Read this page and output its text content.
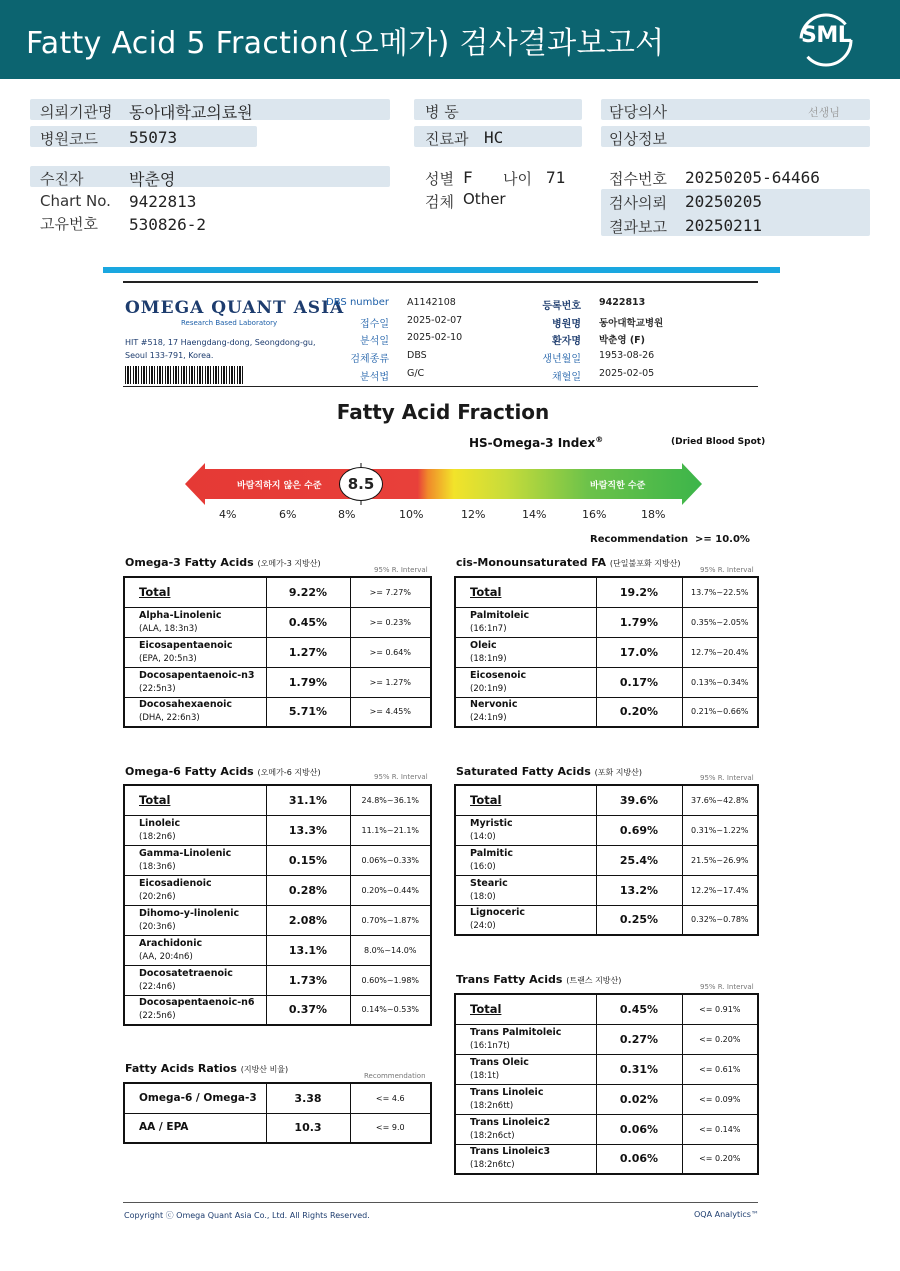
Fatty Acid 5 Fraction(오메가) 검사결과보고서	SML
의뢰기관명 동아대학교의료원
병원코드 55073
수진자	박춘영
Chart No. 9422813
고유번호 530826-2
병 동
진료과 HC
성별 F 나이 71
검체 Other
담당의사	선생님
임상정보
접수번호 20250205-64466
검사의뢰 20250205
결과보고 20250211
OMEGA QUANT ASIA
Research Based Laboratory
HIT #518, 17 Haengdang-dong, Seongdong-gu, Seoul 133-791, Korea.
DBS number A1142108
접수일 2025-02-07
분석일 2025-02-10
검체종류 DBS
분석법 G/C
등록번호 9422813
병원명 동아대학교병원
환자명 박춘영 (F)
생년월일 1953-08-26
채혈일 2025-02-05
Fatty Acid Fraction
HS-Omega-3 Index®	(Dried Blood Spot)
바람직하지 않은 수준	바람직한 수준
8.5
4%	6%	8%	10%	12%	14%	16%	18%
Recommendation >= 10.0%
Omega-3 Fatty Acids (오메가-3 지방산)
95% R. Interval
cis-Monounsaturated FA (단일불포화 지방산)
95% R. Interval
Omega-6 Fatty Acids (오메가-6 지방산)	95% R. Interval	Saturated Fatty Acids (포화 지방산)
95% R. Interval
Trans Fatty Acids (트랜스 지방산)
95% R. Interval
Fatty Acids Ratios (지방산 비율)
Recommendation
Total	9.22%	>= 7.27%
Alpha-Linolenic
(ALA, 18:3n3)	0.45%	>= 0.23%
Eicosapentaenoic
(EPA, 20:5n3)	1.27%	>= 0.64%
Docosapentaenoic-n3
(22:5n3)	1.79%	>= 1.27%
Docosahexaenoic
(DHA, 22:6n3)	5.71%	>= 4.45%
Total	19.2%	13.7%~22.5%
Palmitoleic
(16:1n7)	1.79%	0.35%~2.05%
Oleic
(18:1n9)	17.0%	12.7%~20.4%
Eicosenoic
(20:1n9)	0.17%	0.13%~0.34%
Nervonic
(24:1n9)	0.20%	0.21%~0.66%
Total	31.1%	24.8%~36.1%
Linoleic
(18:2n6)	13.3%	11.1%~21.1%
Gamma-Linolenic
(18:3n6)	0.15%	0.06%~0.33%
Eicosadienoic
(20:2n6)	0.28%	0.20%~0.44%
Dihomo-y-linolenic
(20:3n6)	2.08%	0.70%~1.87%
Arachidonic
(AA, 20:4n6)	13.1%	8.0%~14.0%
Docosatetraenoic
(22:4n6)	1.73%	0.60%~1.98%
Docosapentaenoic-n6
(22:5n6)	0.37%	0.14%~0.53%
Total	39.6%	37.6%~42.8%
Myristic
(14:0)	0.69%	0.31%~1.22%
Palmitic
(16:0)	25.4%	21.5%~26.9%
Stearic
(18:0)	13.2%	12.2%~17.4%
Lignoceric
(24:0)	0.25%	0.32%~0.78%
Total	0.45%	<= 0.91%
Trans Palmitoleic
(16:1n7t)	0.27%	<= 0.20%
Trans Oleic
(18:1t)	0.31%	<= 0.61%
Trans Linoleic
(18:2n6tt)	0.02%	<= 0.09%
Trans Linoleic2
(18:2n6ct)	0.06%	<= 0.14%
Trans Linoleic3
(18:2n6tc)	0.06%	<= 0.20%
Omega-6 / Omega-3	3.38	<= 4.6
AA / EPA	10.3	<= 9.0
Copyright ⓒ Omega Quant Asia Co., Ltd. All Rights Reserved.	OQA Analytics™
